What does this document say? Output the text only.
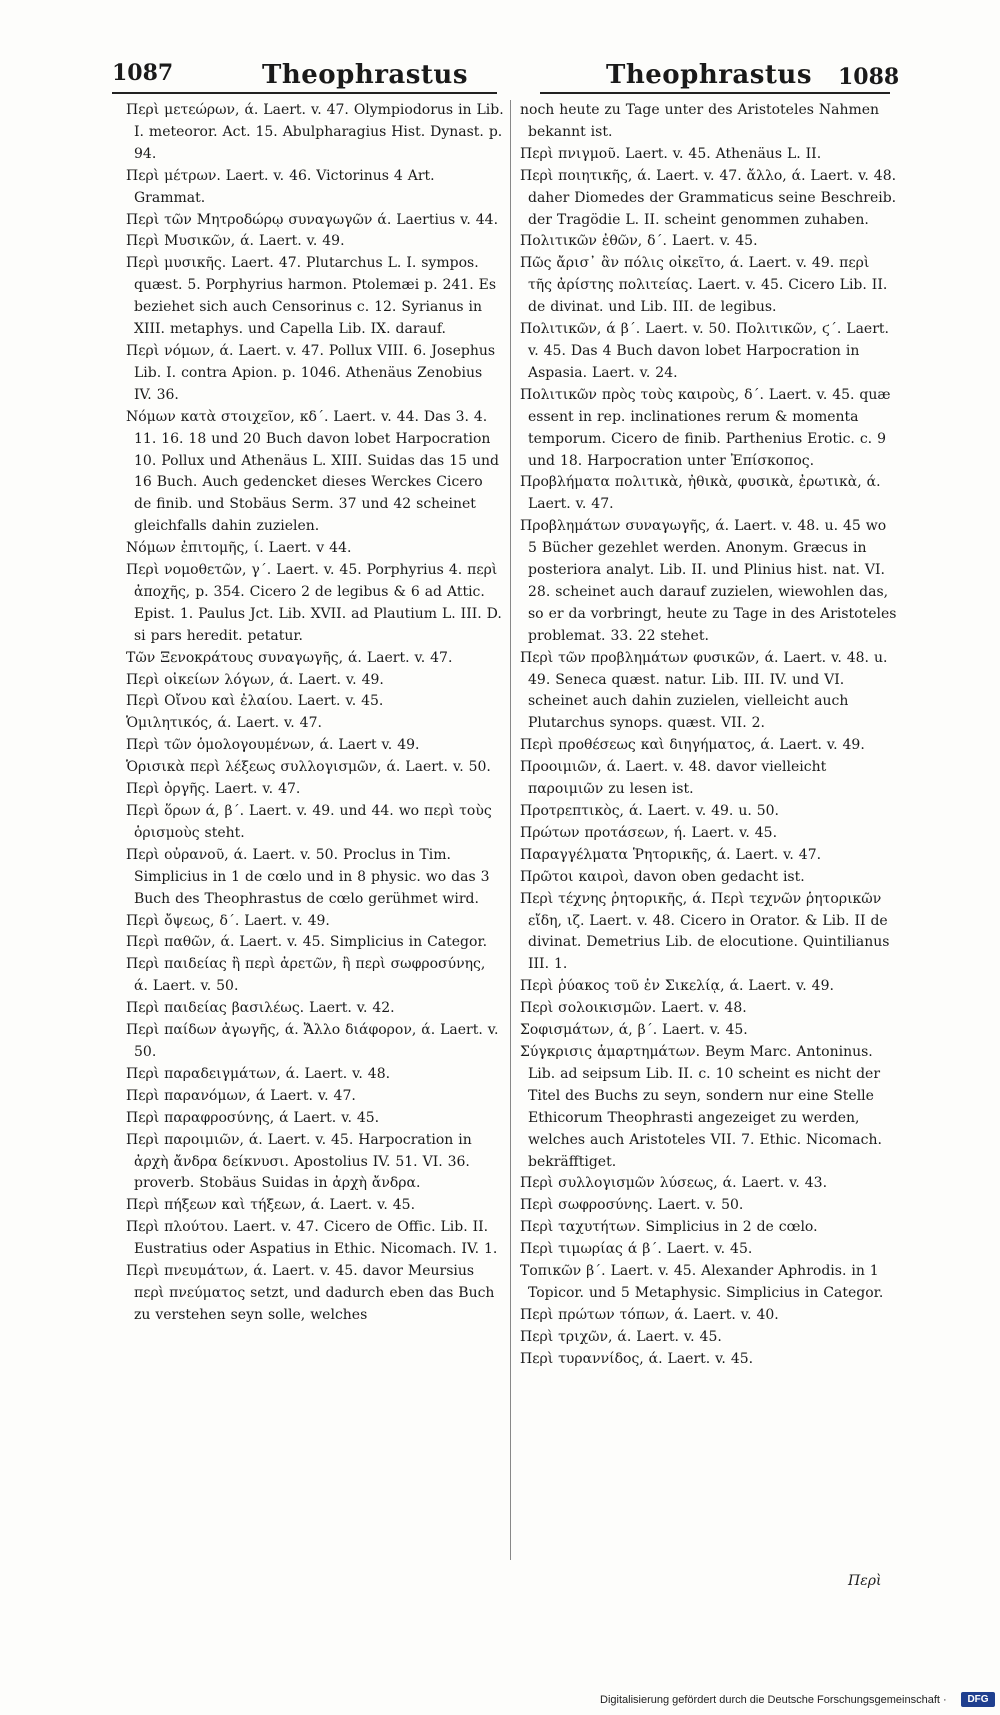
1087	Theophrastus	Theophrastus 1088
Περὶ μετεώρων, ά. Laert. v. 47. Olympiodorus in Lib. I. meteoror. Act. 15. Abulpharagius Hist. Dynast. p. 94.
Περὶ μέτρων. Laert. v. 46. Victorinus 4 Art. Grammat.
Περὶ τῶν Μητροδώρῳ συναγωγῶν ά. Laertius v. 44.
Περὶ Μυσικῶν, ά. Laert. v. 49.
Περὶ μυσικῆς. Laert. 47. Plutarchus L. I. sympos. quæst. 5. Porphyrius harmon. Ptolemæi p. 241. Es beziehet sich auch Censorinus c. 12. Syrianus in XIII. metaphys. und Capella Lib. IX. darauf.
Περὶ νόμων, ά. Laert. v. 47. Pollux VIII. 6. Josephus Lib. I. contra Apion. p. 1046. Athenäus Zenobius IV. 36.
Νόμων κατὰ στοιχεῖον, κδ΄. Laert. v. 44. Das 3. 4. 11. 16. 18 und 20 Buch davon lobet Harpocration 10. Pollux und Athenäus L. XIII. Suidas das 15 und 16 Buch. Auch gedencket dieses Werckes Cicero de finib. und Stobäus Serm. 37 und 42 scheinet gleichfalls dahin zuzielen.
Νόμων ἐπιτομῆς, ί. Laert. v 44.
Περὶ νομοθετῶν, γ΄. Laert. v. 45. Porphyrius 4. περὶ ἀποχῆς, p. 354. Cicero 2 de legibus & 6 ad Attic. Epist. 1. Paulus Jct. Lib. XVII. ad Plautium L. III. D. si pars heredit. petatur.
Τῶν Ξενοκράτους συναγωγῆς, ά. Laert. v. 47.
Περὶ οἰκείων λόγων, ά. Laert. v. 49.
Περὶ Οἴνου καὶ ἐλαίου. Laert. v. 45.
Ὁμιλητικός, ά. Laert. v. 47.
Περὶ τῶν ὁμολογουμένων, ά. Laert v. 49.
Ὁρισικὰ περὶ λέξεως συλλογισμῶν, ά. Laert. v. 50.
Περὶ ὀργῆς. Laert. v. 47.
Περὶ ὅρων ά, β΄. Laert. v. 49. und 44. wo περὶ τοὺς ὁρισμοὺς steht.
Περὶ οὐρανοῦ, ά. Laert. v. 50. Proclus in Tim. Simplicius in 1 de cœlo und in 8 physic. wo das 3 Buch des Theophrastus de cœlo gerühmet wird.
Περὶ ὄψεως, δ΄. Laert. v. 49.
Περὶ παθῶν, ά. Laert. v. 45. Simplicius in Categor.
Περὶ παιδείας ἢ περὶ ἀρετῶν, ἢ περὶ σωφροσύνης, ά. Laert. v. 50.
Περὶ παιδείας βασιλέως. Laert. v. 42.
Περὶ παίδων ἀγωγῆς, ά. Ἄλλο διάφορον, ά. Laert. v. 50.
Περὶ παραδειγμάτων, ά. Laert. v. 48.
Περὶ παρανόμων, ά Laert. v. 47.
Περὶ παραφροσύνης, ά Laert. v. 45.
Περὶ παροιμιῶν, ά. Laert. v. 45. Harpocration in ἀρχὴ ἄνδρα δείκνυσι. Apostolius IV. 51. VI. 36. proverb. Stobäus Suidas in ἀρχὴ ἄνδρα.
Περὶ πήξεων καὶ τήξεων, ά. Laert. v. 45.
Περὶ πλούτου. Laert. v. 47. Cicero de Offic. Lib. II. Eustratius oder Aspatius in Ethic. Nicomach. IV. 1.
Περὶ πνευμάτων, ά. Laert. v. 45. davor Meursius περὶ πνεύματος setzt, und dadurch eben das Buch zu verstehen seyn solle, welches
noch heute zu Tage unter des Aristoteles Nahmen bekannt ist.
Περὶ πνιγμοῦ. Laert. v. 45. Athenäus L. II.
Περὶ ποιητικῆς, ά. Laert. v. 47. ἄλλο, ά. Laert. v. 48. daher Diomedes der Grammaticus seine Beschreib. der Tragödie L. II. scheint genommen zuhaben.
Πολιτικῶν ἐθῶν, δ΄. Laert. v. 45.
Πῶς ἄρισ᾽ ἂν πόλις οἰκεῖτο, ά. Laert. v. 49. περὶ τῆς ἀρίστης πολιτείας. Laert. v. 45. Cicero Lib. II. de divinat. und Lib. III. de legibus.
Πολιτικῶν, ά β΄. Laert. v. 50. Πολιτικῶν, ϛ΄. Laert. v. 45. Das 4 Buch davon lobet Harpocration in Aspasia. Laert. v. 24.
Πολιτικῶν πρὸς τοὺς καιροὺς, δ΄. Laert. v. 45. quæ essent in rep. inclinationes rerum & momenta temporum. Cicero de finib. Parthenius Erotic. c. 9 und 18. Harpocration unter Ἐπίσκοπος.
Προβλήματα πολιτικὰ, ἠθικὰ, φυσικὰ, ἐρωτικὰ, ά. Laert. v. 47.
Προβλημάτων συναγωγῆς, ά. Laert. v. 48. u. 45 wo 5 Bücher gezehlet werden. Anonym. Græcus in posteriora analyt. Lib. II. und Plinius hist. nat. VI. 28. scheinet auch darauf zuzielen, wiewohlen das, so er da vorbringt, heute zu Tage in des Aristoteles problemat. 33. 22 stehet.
Περὶ τῶν προβλημάτων φυσικῶν, ά. Laert. v. 48. u. 49. Seneca quæst. natur. Lib. III. IV. und VI. scheinet auch dahin zuzielen, vielleicht auch Plutarchus synops. quæst. VII. 2.
Περὶ προθέσεως καὶ διηγήματος, ά. Laert. v. 49.
Προοιμιῶν, ά. Laert. v. 48. davor vielleicht παροιμιῶν zu lesen ist.
Προτρεπτικὸς, ά. Laert. v. 49. u. 50.
Πρώτων προτάσεων, ή. Laert. v. 45.
Παραγγέλματα Ῥητορικῆς, ά. Laert. v. 47.
Πρῶτοι καιροὶ, davon oben gedacht ist.
Περὶ τέχνης ῥητορικῆς, ά. Περὶ τεχνῶν ῥητορικῶν εἴδη, ιζ. Laert. v. 48. Cicero in Orator. & Lib. II de divinat. Demetrius Lib. de elocutione. Quintilianus III. 1.
Περὶ ῥύακος τοῦ ἐν Σικελίᾳ, ά. Laert. v. 49.
Περὶ σολοικισμῶν. Laert. v. 48.
Σοφισμάτων, ά, β΄. Laert. v. 45.
Σύγκρισις ἁμαρτημάτων. Beym Marc. Antoninus. Lib. ad seipsum Lib. II. c. 10 scheint es nicht der Titel des Buchs zu seyn, sondern nur eine Stelle Ethicorum Theophrasti angezeiget zu werden, welches auch Aristoteles VII. 7. Ethic. Nicomach. bekräfftiget.
Περὶ συλλογισμῶν λύσεως, ά. Laert. v. 43.
Περὶ σωφροσύνης. Laert. v. 50.
Περὶ ταχυτήτων. Simplicius in 2 de cœlo.
Περὶ τιμωρίας ά β΄. Laert. v. 45.
Τοπικῶν β΄. Laert. v. 45. Alexander Aphrodis. in 1 Topicor. und 5 Metaphysic. Simplicius in Categor.
Περὶ πρώτων τόπων, ά. Laert. v. 40.
Περὶ τριχῶν, ά. Laert. v. 45.
Περὶ τυραννίδος, ά. Laert. v. 45.
Περὶ
Digitalisierung gefördert durch die Deutsche Forschungsgemeinschaft ·	DFG
